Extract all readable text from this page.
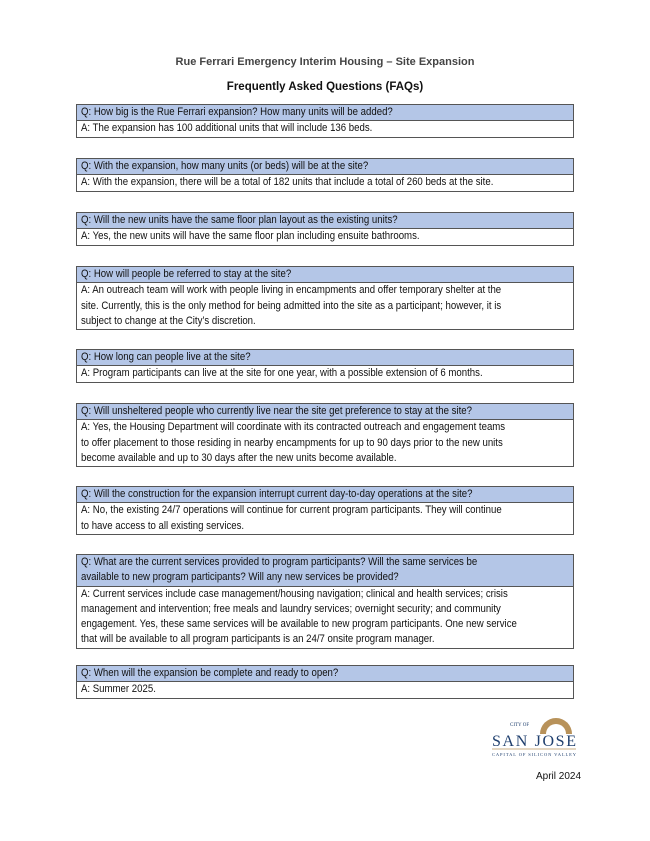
Rue Ferrari Emergency Interim Housing – Site Expansion
Frequently Asked Questions (FAQs)
Q: How big is the Rue Ferrari expansion? How many units will be added?
A: The expansion has 100 additional units that will include 136 beds.
Q: With the expansion, how many units (or beds) will be at the site?
A: With the expansion, there will be a total of 182 units that include a total of 260 beds at the site.
Q: Will the new units have the same floor plan layout as the existing units?
A: Yes, the new units will have the same floor plan including ensuite bathrooms.
Q: How will people be referred to stay at the site?
A: An outreach team will work with people living in encampments and offer temporary shelter at the
site. Currently, this is the only method for being admitted into the site as a participant; however, it is
subject to change at the City’s discretion.
Q: How long can people live at the site?
A: Program participants can live at the site for one year, with a possible extension of 6 months.
Q: Will unsheltered people who currently live near the site get preference to stay at the site?
A: Yes, the Housing Department will coordinate with its contracted outreach and engagement teams
to offer placement to those residing in nearby encampments for up to 90 days prior to the new units
become available and up to 30 days after the new units become available.
Q: Will the construction for the expansion interrupt current day-to-day operations at the site?
A: No, the existing 24/7 operations will continue for current program participants. They will continue
to have access to all existing services.
Q: What are the current services provided to program participants? Will the same services be
available to new program participants? Will any new services be provided?
A: Current services include case management/housing navigation; clinical and health services; crisis
management and intervention; free meals and laundry services; overnight security; and community
engagement. Yes, these same services will be available to new program participants. One new service
that will be available to all program participants is an 24/7 onsite program manager.
Q: When will the expansion be complete and ready to open?
A: Summer 2025.
CITY OF
SAN JOSE
CAPITAL OF SILICON VALLEY
April 2024
